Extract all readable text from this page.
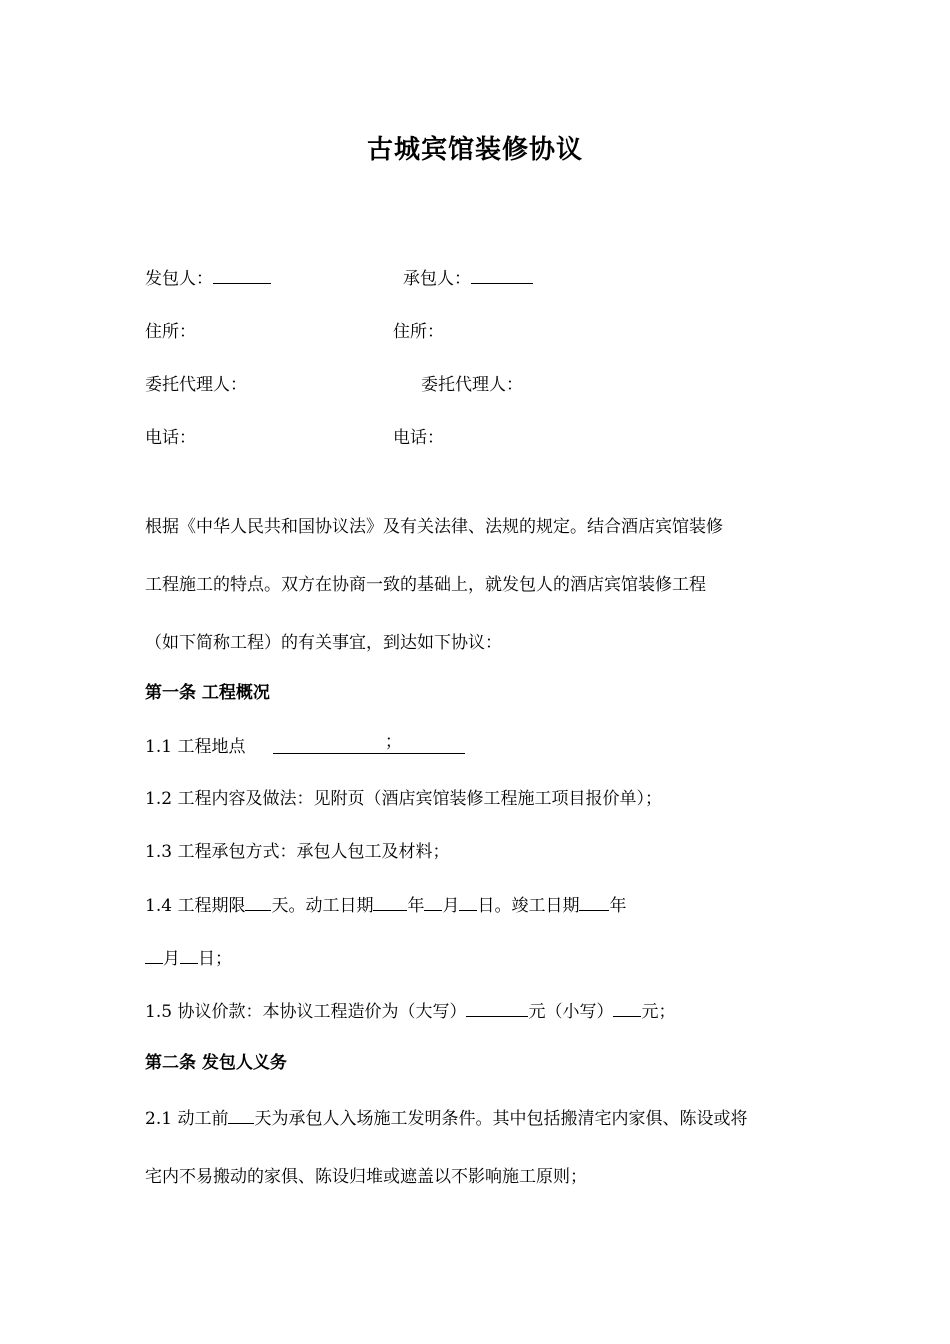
古城宾馆装修协议
发包人：	承包人：
住所：	住所：
委托代理人：	委托代理人：
电话：	电话：
根据《中华人民共和国协议法》及有关法律、法规的规定。结合酒店宾馆装修
工程施工的特点。双方在协商一致的基础上，就发包人的酒店宾馆装修工程
（如下简称工程）的有关事宜，到达如下协议：
第一条 工程概况
1.1 工程地点	；
1.2 工程内容及做法：见附页（酒店宾馆装修工程施工项目报价单）；
1.3 工程承包方式：承包人包工及材料；
1.4 工程期限 天。动工日期 年 月 日。竣工日期 年
月 日；
1.5 协议价款：本协议工程造价为（大写）	元（小写） 元；
第二条 发包人义务
2.1 动工前 天为承包人入场施工发明条件。其中包括搬清宅内家俱、陈设或将
宅内不易搬动的家俱、陈设归堆或遮盖以不影响施工原则；
